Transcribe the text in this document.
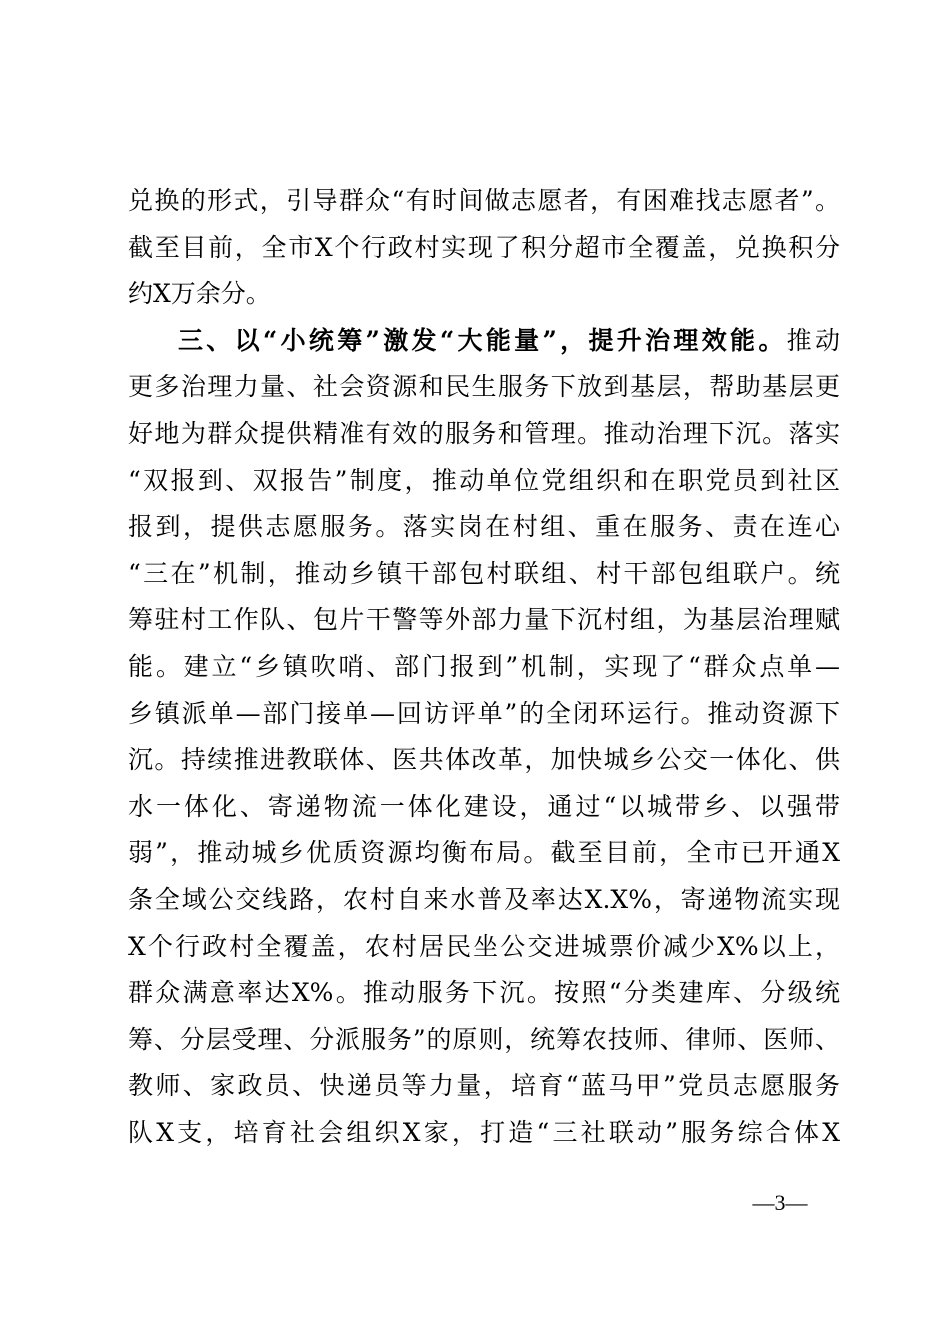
兑换的形式，引导群众“有时间做志愿者，有困难找志愿者”。
截至目前，全市X个行政村实现了积分超市全覆盖，兑换积分
约X万余分。
三、以“小统筹”激发“大能量”，提升治理效能。推动
更多治理力量、社会资源和民生服务下放到基层，帮助基层更
好地为群众提供精准有效的服务和管理。推动治理下沉。落实
“双报到、双报告”制度，推动单位党组织和在职党员到社区
报到，提供志愿服务。落实岗在村组、重在服务、责在连心
“三在”机制，推动乡镇干部包村联组、村干部包组联户。统
筹驻村工作队、包片干警等外部力量下沉村组，为基层治理赋
能。建立“乡镇吹哨、部门报到”机制，实现了“群众点单—
乡镇派单—部门接单—回访评单”的全闭环运行。推动资源下
沉。持续推进教联体、医共体改革，加快城乡公交一体化、供
水一体化、寄递物流一体化建设，通过“以城带乡、以强带
弱”，推动城乡优质资源均衡布局。截至目前，全市已开通X
条全域公交线路，农村自来水普及率达X.X%，寄递物流实现
X个行政村全覆盖，农村居民坐公交进城票价减少X%以上，
群众满意率达X%。推动服务下沉。按照“分类建库、分级统
筹、分层受理、分派服务”的原则，统筹农技师、律师、医师、
教师、家政员、快递员等力量，培育“蓝马甲”党员志愿服务
队X支，培育社会组织X家，打造“三社联动”服务综合体X
—3—
